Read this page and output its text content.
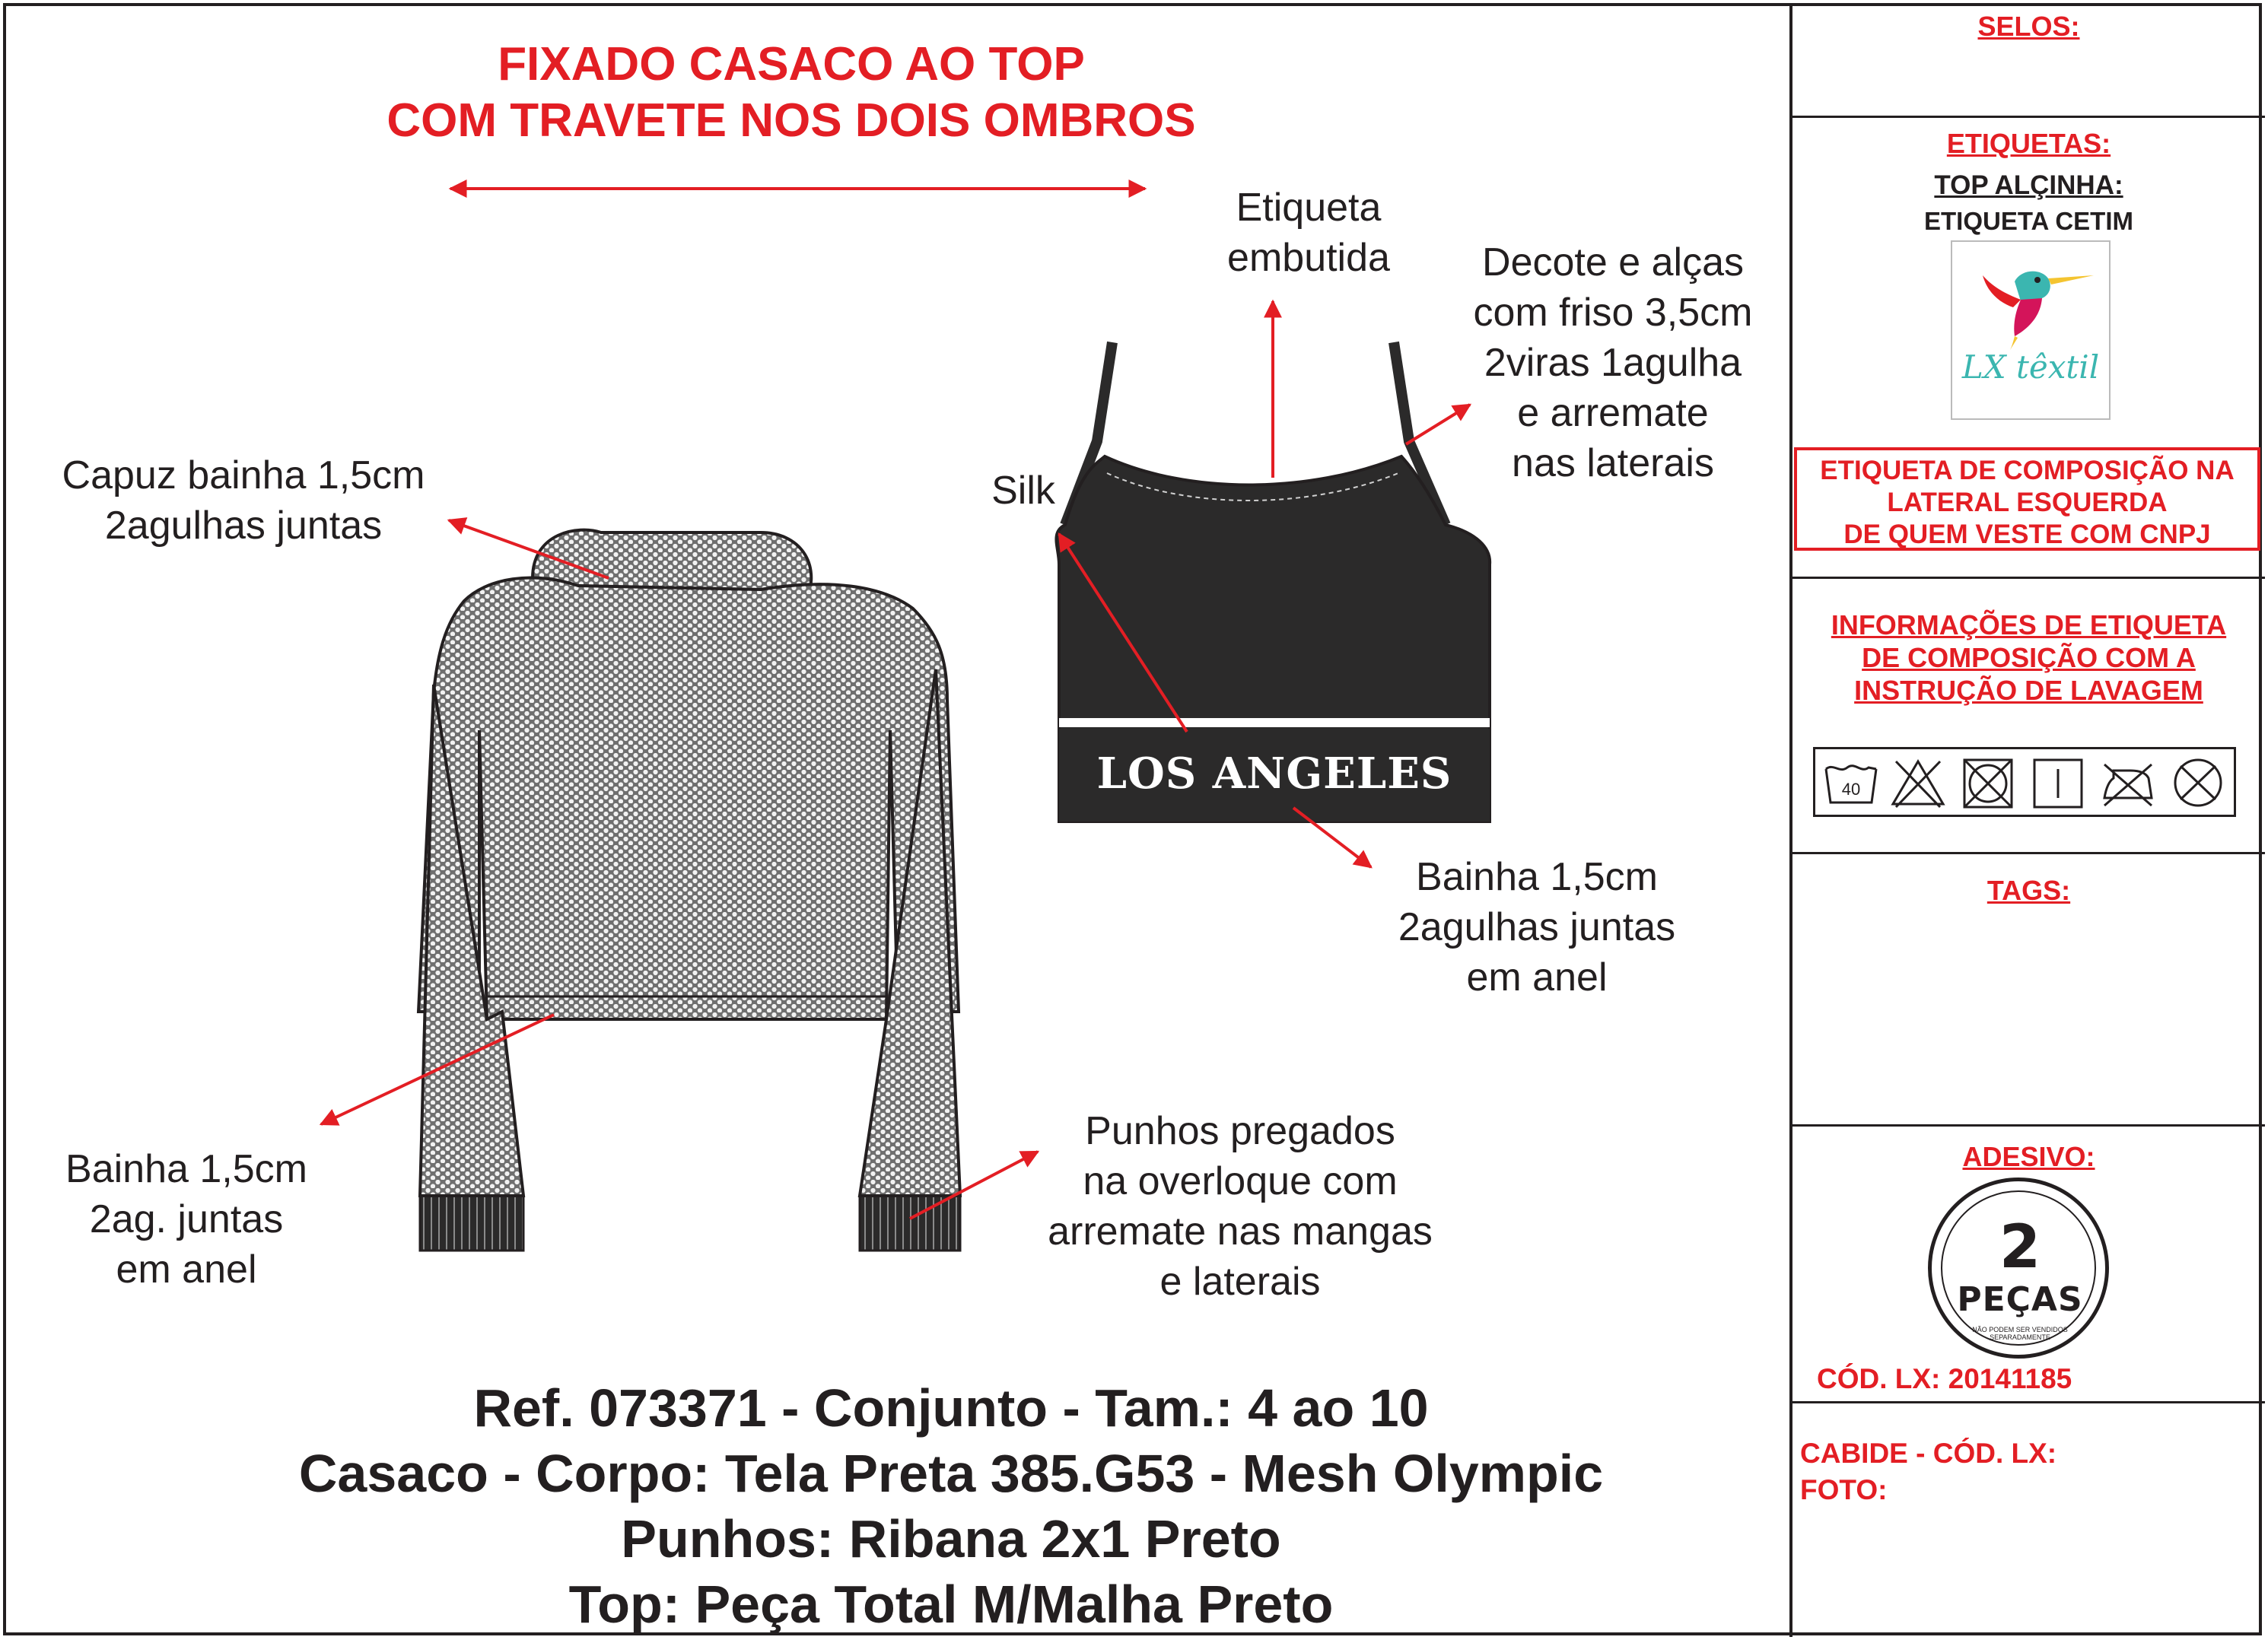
FIXADO CASACO AO TOP
COM TRAVETE NOS DOIS OMBROS
LOS ANGELES
Etiqueta
embutida	Decote e alças
com friso 3,5cm
2viras 1agulha
e arremate
nas laterais
Capuz bainha 1,5cm
2agulhas juntas
Silk
Bainha 1,5cm
2agulhas juntas
em anel
Bainha 1,5cm
2ag. juntas
em anel
Punhos pregados
na overloque com
arremate nas mangas
e laterais
Ref. 073371 - Conjunto - Tam.: 4 ao 10
Casaco - Corpo: Tela Preta 385.G53 - Mesh Olympic
Punhos: Ribana 2x1 Preto
Top: Peça Total M/Malha Preto
SELOS:
ETIQUETAS:
TOP ALÇINHA:
ETIQUETA CETIM
LX têxtil
ETIQUETA DE COMPOSIÇÃO NA
LATERAL ESQUERDA
DE QUEM VESTE COM CNPJ
INFORMAÇÕES DE ETIQUETA
DE COMPOSIÇÃO COM A
INSTRUÇÃO DE LAVAGEM
40
TAGS:
ADESIVO:
2
PEÇAS
NÃO PODEM SER VENDIDOS SEPARADAMENTE
CÓD. LX: 20141185
CABIDE - CÓD. LX:
FOTO:
